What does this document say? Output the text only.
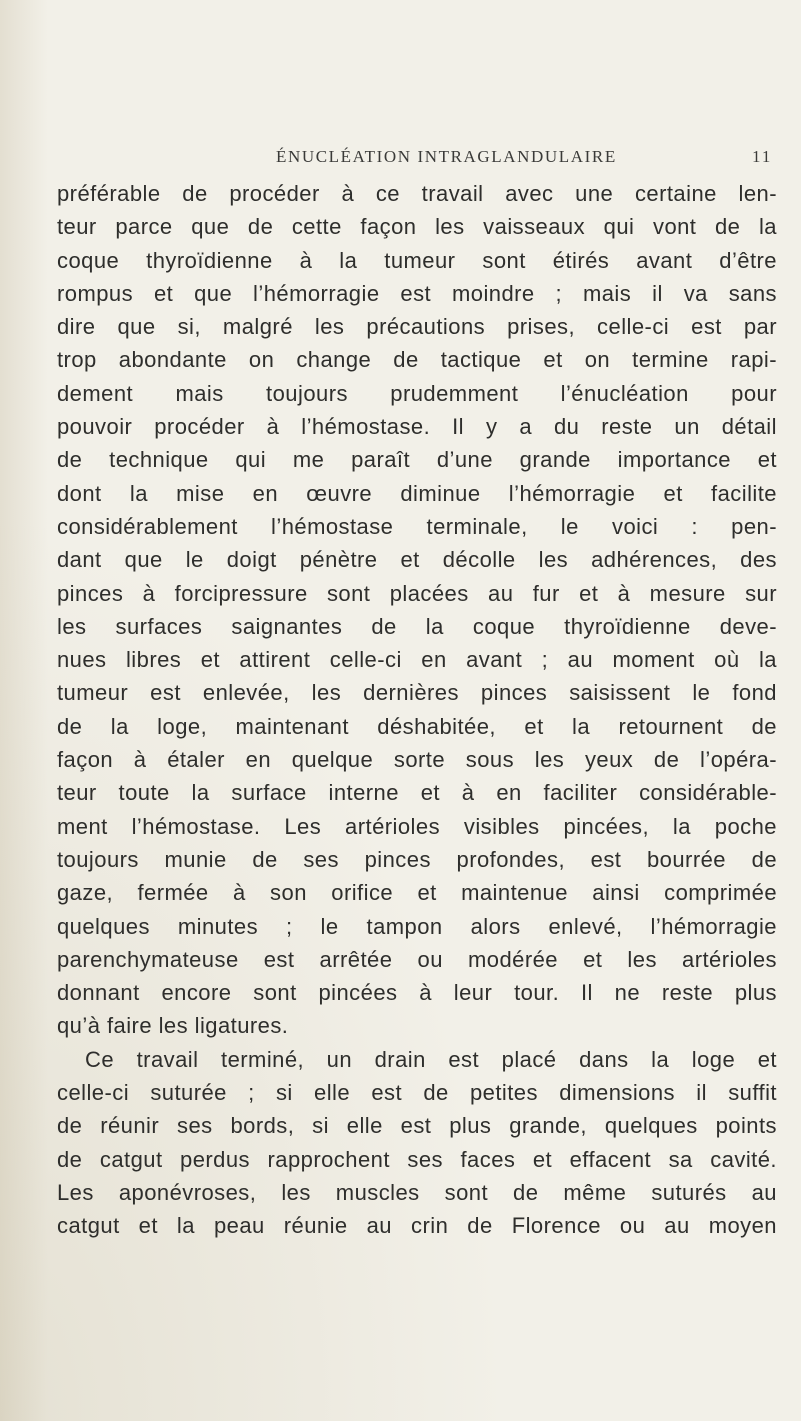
ÉNUCLÉATION INTRAGLANDULAIRE	11
préférable de procéder à ce travail avec une certaine len-
teur parce que de cette façon les vaisseaux qui vont de la
coque thyroïdienne à la tumeur sont étirés avant d’être
rompus et que l’hémorragie est moindre ; mais il va sans
dire que si, malgré les précautions prises, celle-ci est par
trop abondante on change de tactique et on termine rapi-
dement mais toujours prudemment l’énucléation pour
pouvoir procéder à l’hémostase. Il y a du reste un détail
de technique qui me paraît d’une grande importance et
dont la mise en œuvre diminue l’hémorragie et facilite
considérablement l’hémostase terminale, le voici : pen-
dant que le doigt pénètre et décolle les adhérences, des
pinces à forcipressure sont placées au fur et à mesure sur
les surfaces saignantes de la coque thyroïdienne deve-
nues libres et attirent celle-ci en avant ; au moment où la
tumeur est enlevée, les dernières pinces saisissent le fond
de la loge, maintenant déshabitée, et la retournent de
façon à étaler en quelque sorte sous les yeux de l’opéra-
teur toute la surface interne et à en faciliter considérable-
ment l’hémostase. Les artérioles visibles pincées, la poche
toujours munie de ses pinces profondes, est bourrée de
gaze, fermée à son orifice et maintenue ainsi comprimée
quelques minutes ; le tampon alors enlevé, l’hémorragie
parenchymateuse est arrêtée ou modérée et les artérioles
donnant encore sont pincées à leur tour. Il ne reste plus
qu’à faire les ligatures.
Ce travail terminé, un drain est placé dans la loge et
celle-ci suturée ; si elle est de petites dimensions il suffit
de réunir ses bords, si elle est plus grande, quelques points
de catgut perdus rapprochent ses faces et effacent sa cavité.
Les aponévroses, les muscles sont de même suturés au
catgut et la peau réunie au crin de Florence ou au moyen
